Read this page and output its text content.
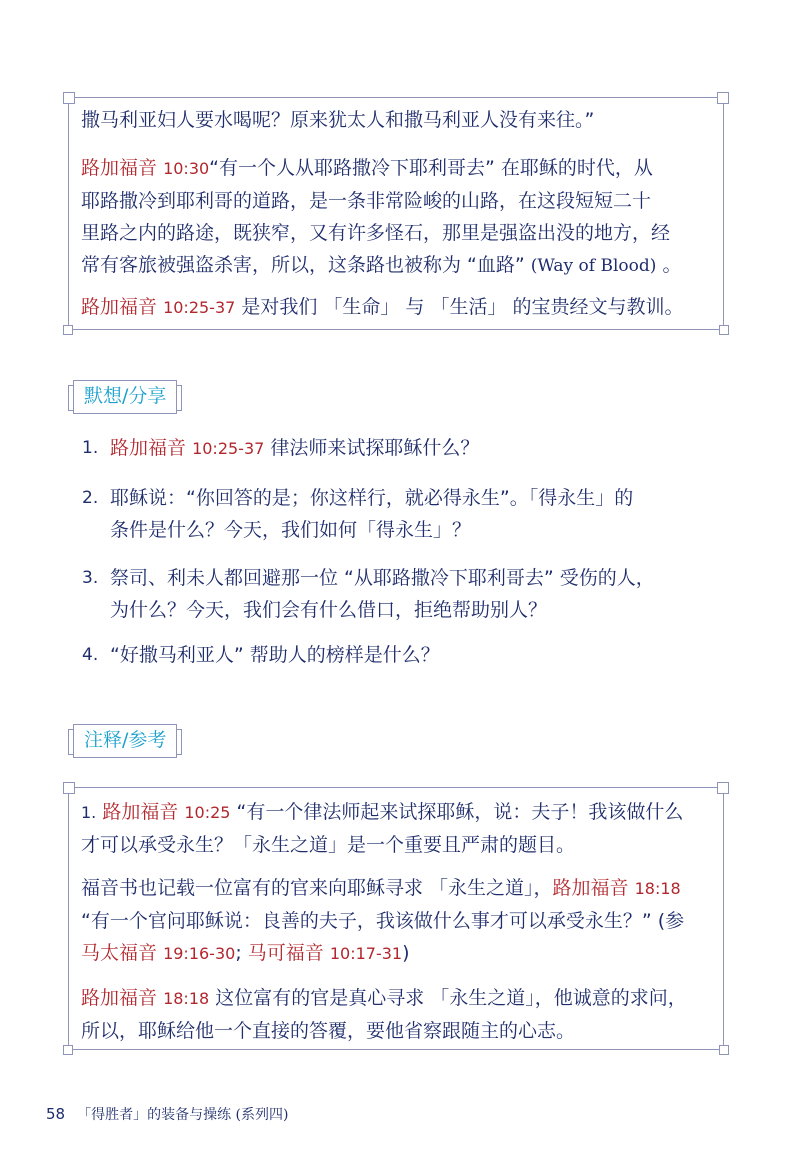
撒马利亚妇人要水喝呢？原来犹太人和撒马利亚人没有来往。”
路加福音 10:30“有一个人从耶路撒冷下耶利哥去” 在耶稣的时代，从
耶路撒冷到耶利哥的道路，是一条非常险峻的山路，在这段短短二十
里路之内的路途，既狭窄，又有许多怪石，那里是强盗出没的地方，经
常有客旅被强盗杀害，所以，这条路也被称为 “血路” (Way of Blood) 。
路加福音 10:25-37 是对我们 「生命」 与 「生活」 的宝贵经文与教训。
默想/分享
1. 路加福音 10:25-37 律法师来试探耶稣什么？
2. 耶稣说：“你回答的是；你这样行，就必得永生”。「得永生」的
条件是什么？今天，我们如何「得永生」？
3. 祭司、利未人都回避那一位 “从耶路撒冷下耶利哥去” 受伤的人，
为什么？今天，我们会有什么借口，拒绝帮助别人？
4. “好撒马利亚人” 帮助人的榜样是什么？
注释/参考
1. 路加福音 10:25 “有一个律法师起来试探耶稣，说：夫子！我该做什么
才可以承受永生？「永生之道」是一个重要且严肃的题目。
福音书也记载一位富有的官来向耶稣寻求 「永生之道」，路加福音 18:18
“有一个官问耶稣说：良善的夫子，我该做什么事才可以承受永生？” (参
马太福音 19:16-30; 马可福音 10:17-31)
路加福音 18:18 这位富有的官是真心寻求 「永生之道」，他诚意的求问，
所以，耶稣给他一个直接的答覆，要他省察跟随主的心志。
58 「得胜者」的装备与操练 (系列四)
